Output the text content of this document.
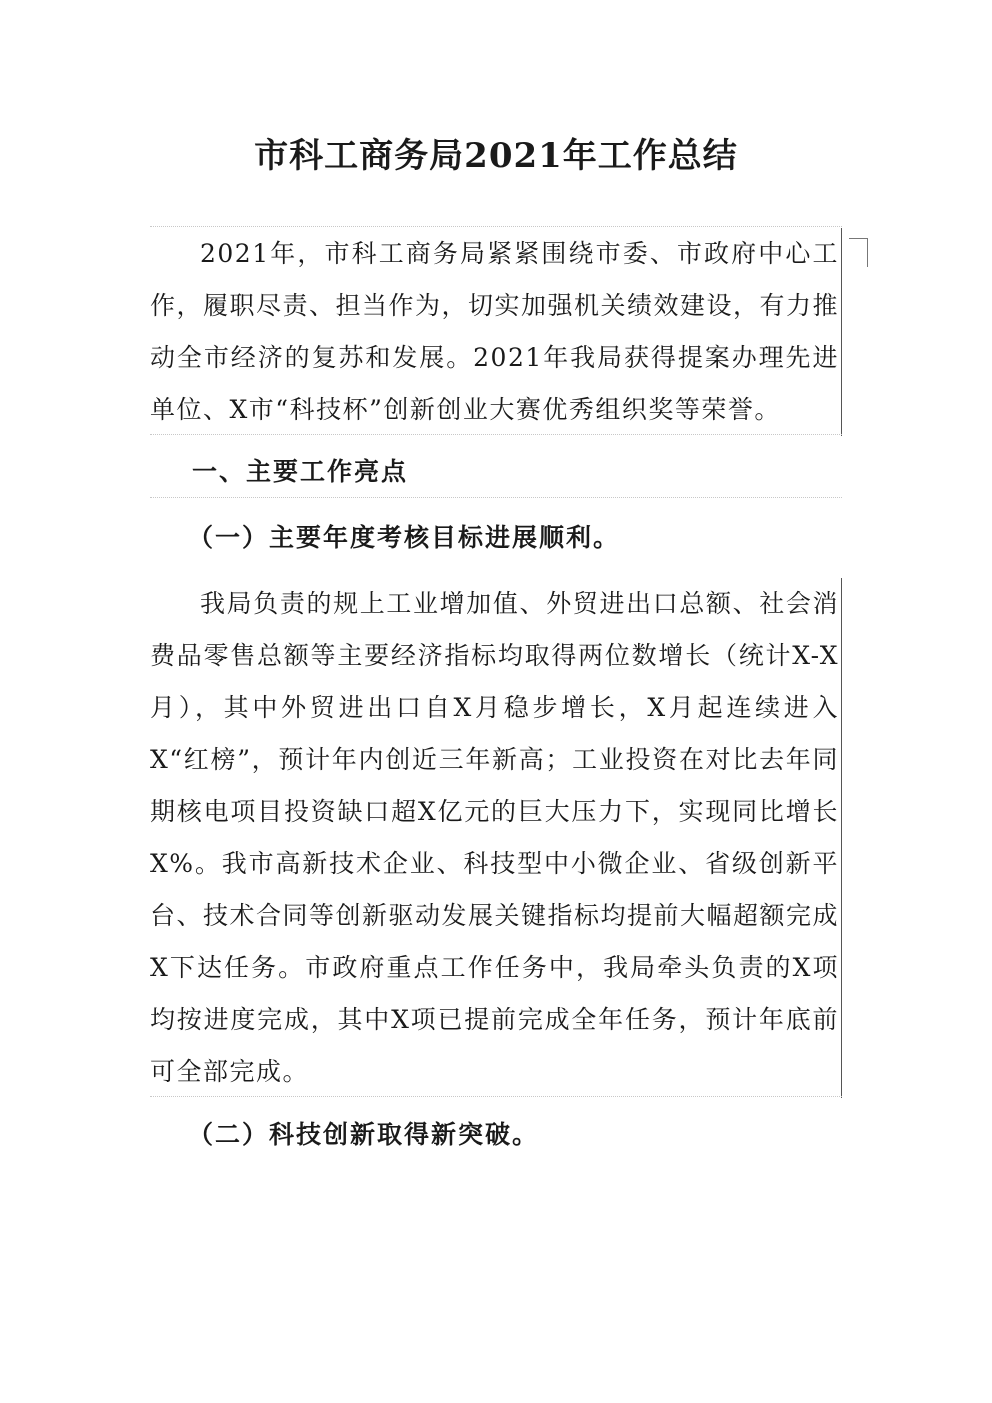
市科工商务局2021年工作总结

2021年，市科工商务局紧紧围绕市委、市政府中心工作，履职尽责、担当作为，切实加强机关绩效建设，有力推动全市经济的复苏和发展。2021年我局获得提案办理先进单位、X市“科技杯”创新创业大赛优秀组织奖等荣誉。

一、主要工作亮点
（一）主要年度考核目标进展顺利。

我局负责的规上工业增加值、外贸进出口总额、社会消费品零售总额等主要经济指标均取得两位数增长（统计X-X月），其中外贸进出口自X月稳步增长，X月起连续进入X“红榜”，预计年内创近三年新高；工业投资在对比去年同期核电项目投资缺口超X亿元的巨大压力下，实现同比增长X%。我市高新技术企业、科技型中小微企业、省级创新平台、技术合同等创新驱动发展关键指标均提前大幅超额完成X下达任务。市政府重点工作任务中，我局牵头负责的X项均按进度完成，其中X项已提前完成全年任务，预计年底前可全部完成。

（二）科技创新取得新突破。
